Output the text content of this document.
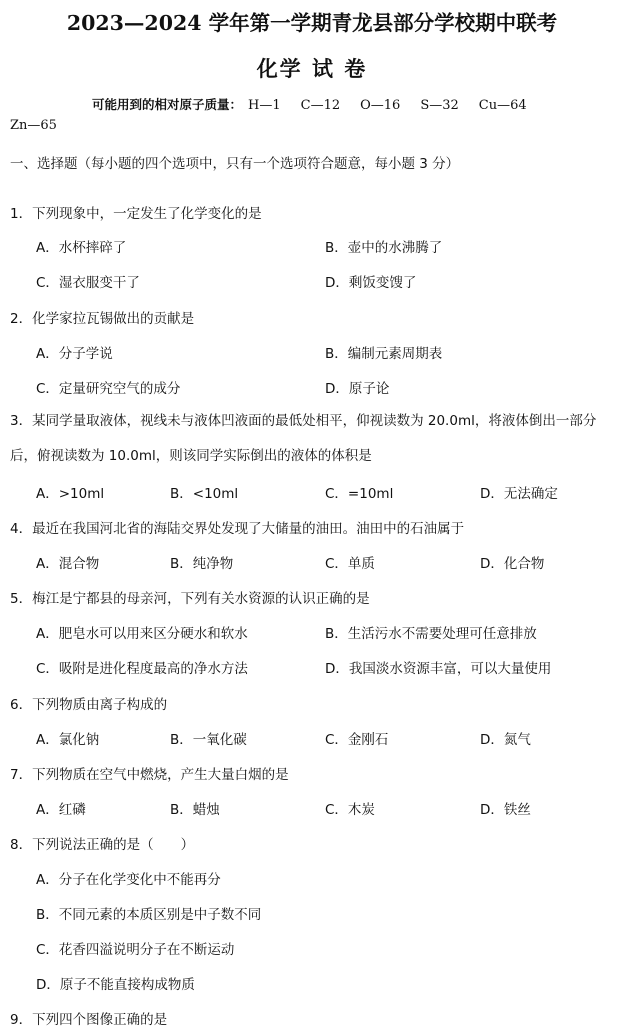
2023—2024 学年第一学期青龙县部分学校期中联考
化学 试 卷
可能用到的相对原子质量： H—1 C—12 O—16 S—32 Cu—64
Zn—65
一、选择题（每小题的四个选项中，只有一个选项符合题意，每小题 3 分）
1．下列现象中，一定发生了化学变化的是
A．水杯摔碎了	B．壶中的水沸腾了
C．湿衣服变干了	D．剩饭变馊了
2．化学家拉瓦锡做出的贡献是
A．分子学说	B．编制元素周期表
C．定量研究空气的成分	D．原子论
3．某同学量取液体，视线未与液体凹液面的最低处相平，仰视读数为 20.0ml，将液体倒出一部分后，俯视读数为 10.0ml，则该同学实际倒出的液体的体积是
A．>10ml	B．<10ml	C．=10ml	D．无法确定
4．最近在我国河北省的海陆交界处发现了大储量的油田。油田中的石油属于
A．混合物	B．纯净物	C．单质	D．化合物
5．梅江是宁都县的母亲河，下列有关水资源的认识正确的是
A．肥皂水可以用来区分硬水和软水	B．生活污水不需要处理可任意排放
C．吸附是进化程度最高的净水方法	D．我国淡水资源丰富，可以大量使用
6．下列物质由离子构成的
A．氯化钠	B．一氧化碳	C．金刚石	D．氮气
7．下列物质在空气中燃烧，产生大量白烟的是
A．红磷	B．蜡烛	C．木炭	D．铁丝
8．下列说法正确的是（　　）
A．分子在化学变化中不能再分
B．不同元素的本质区别是中子数不同
C．花香四溢说明分子在不断运动
D．原子不能直接构成物质
9．下列四个图像正确的是
